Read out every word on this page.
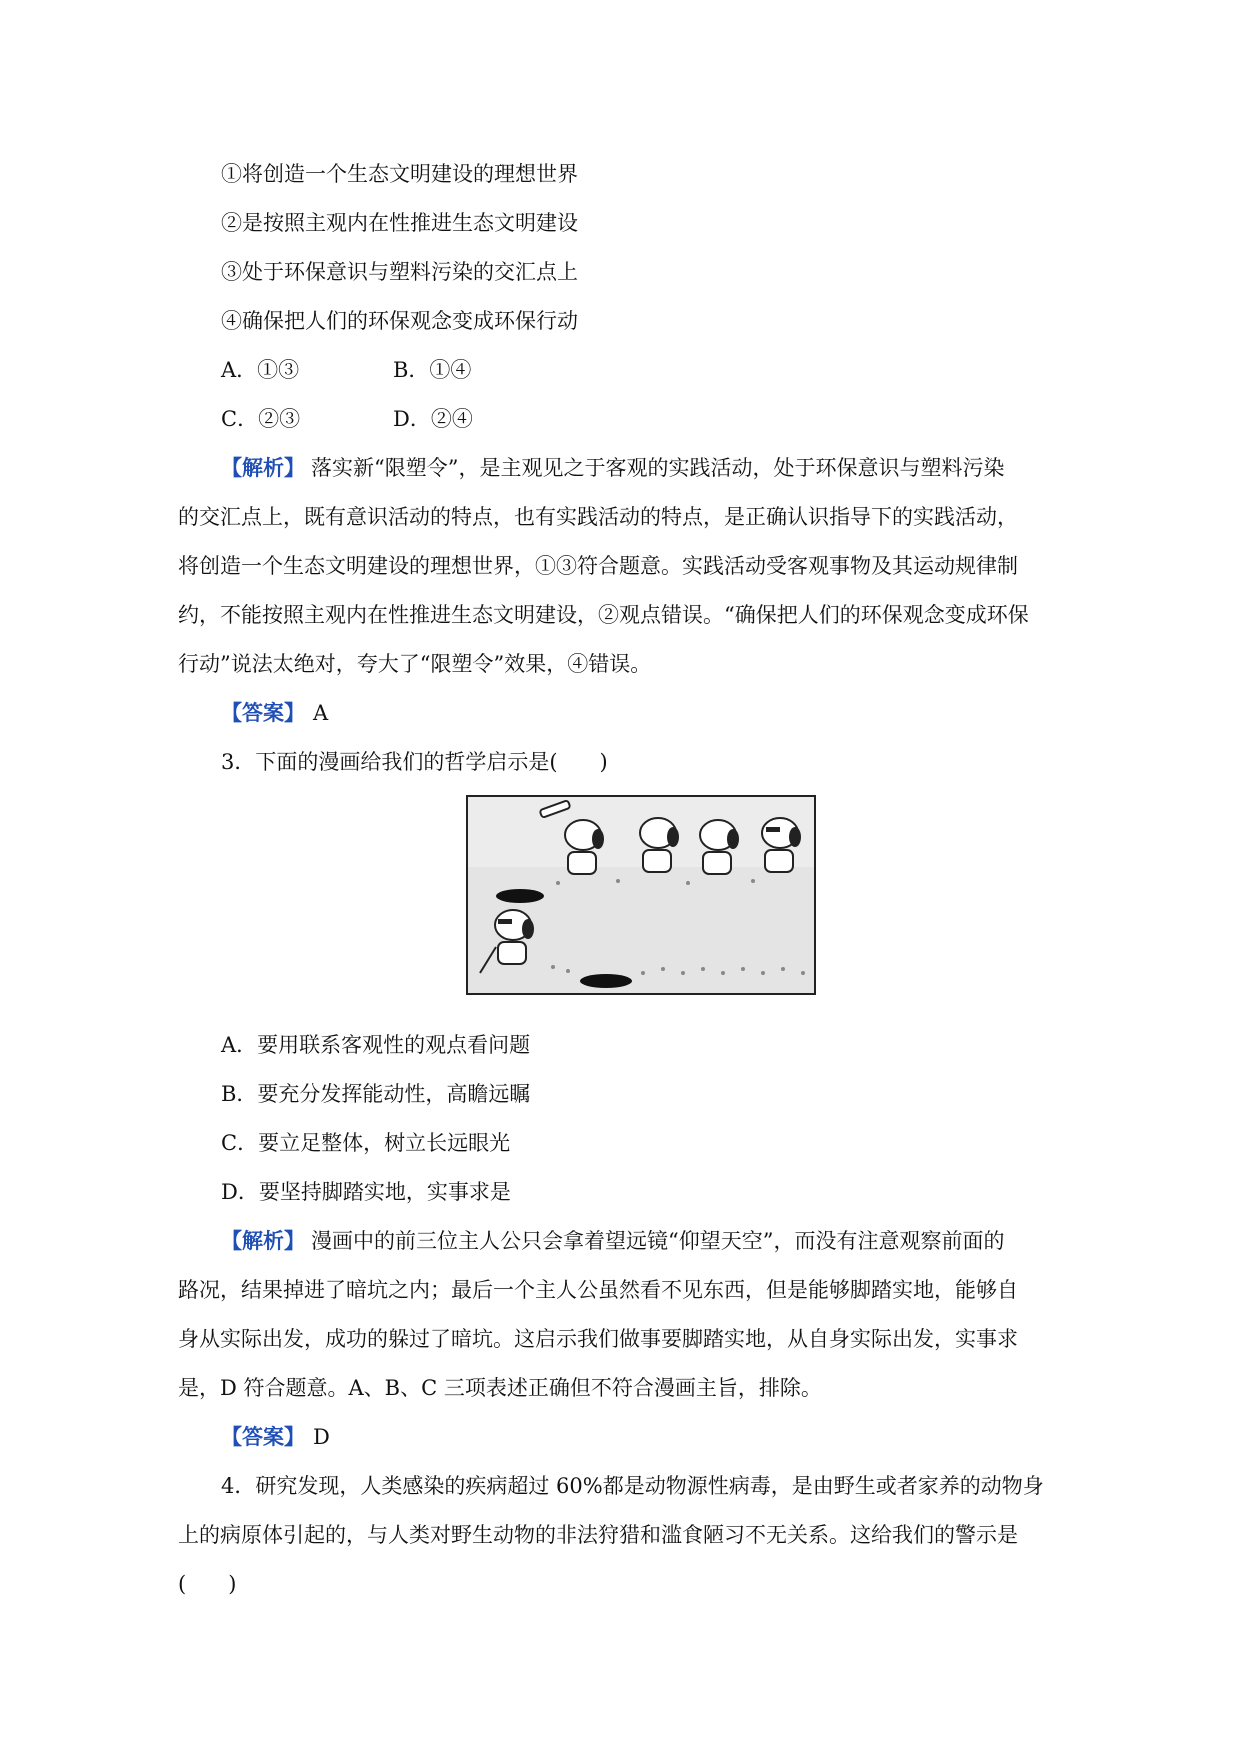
①将创造一个生态文明建设的理想世界
②是按照主观内在性推进生态文明建设
③处于环保意识与塑料污染的交汇点上
④确保把人们的环保观念变成环保行动
A．①③	B．①④
C．②③	D．②④
【解析】 落实新“限塑令”，是主观见之于客观的实践活动，处于环保意识与塑料污染
的交汇点上，既有意识活动的特点，也有实践活动的特点，是正确认识指导下的实践活动，
将创造一个生态文明建设的理想世界，①③符合题意。实践活动受客观事物及其运动规律制
约，不能按照主观内在性推进生态文明建设，②观点错误。“确保把人们的环保观念变成环保
行动”说法太绝对，夸大了“限塑令”效果，④错误。
【答案】 A
3．下面的漫画给我们的哲学启示是(　　)
A．要用联系客观性的观点看问题
B．要充分发挥能动性，高瞻远瞩
C．要立足整体，树立长远眼光
D．要坚持脚踏实地，实事求是
【解析】 漫画中的前三位主人公只会拿着望远镜“仰望天空”，而没有注意观察前面的
路况，结果掉进了暗坑之内；最后一个主人公虽然看不见东西，但是能够脚踏实地，能够自
身从实际出发，成功的躲过了暗坑。这启示我们做事要脚踏实地，从自身实际出发，实事求
是，D 符合题意。A、B、C 三项表述正确但不符合漫画主旨，排除。
【答案】 D
4．研究发现，人类感染的疾病超过 60%都是动物源性病毒，是由野生或者家养的动物身
上的病原体引起的，与人类对野生动物的非法狩猎和滥食陋习不无关系。这给我们的警示是
(　　)
